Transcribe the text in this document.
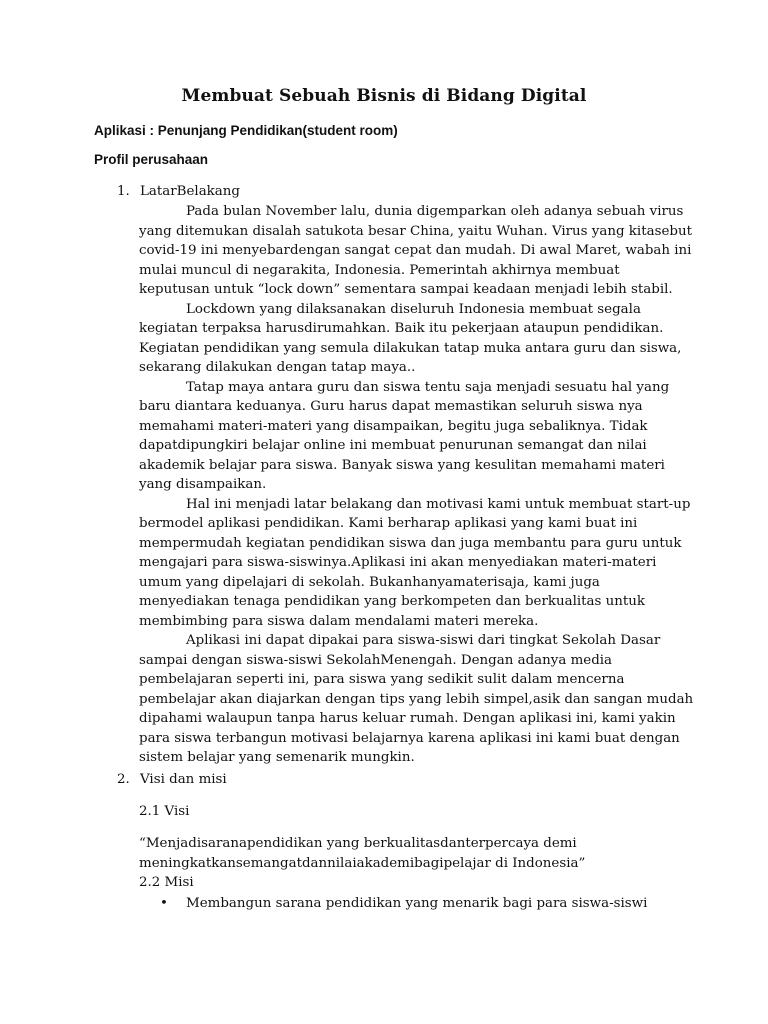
Membuat Sebuah Bisnis di Bidang Digital
Aplikasi : Penunjang Pendidikan(student room)
Profil perusahaan
1. LatarBelakang
Pada bulan November lalu, dunia digemparkan oleh adanya sebuah virus
yang ditemukan disalah satukota besar China, yaitu Wuhan. Virus yang kitasebut
covid-19 ini menyebardengan sangat cepat dan mudah. Di awal Maret, wabah ini
mulai muncul di negarakita, Indonesia. Pemerintah akhirnya membuat
keputusan untuk “lock down” sementara sampai keadaan menjadi lebih stabil.
Lockdown yang dilaksanakan diseluruh Indonesia membuat segala
kegiatan terpaksa harusdirumahkan. Baik itu pekerjaan ataupun pendidikan.
Kegiatan pendidikan yang semula dilakukan tatap muka antara guru dan siswa,
sekarang dilakukan dengan tatap maya..
Tatap maya antara guru dan siswa tentu saja menjadi sesuatu hal yang
baru diantara keduanya. Guru harus dapat memastikan seluruh siswa nya
memahami materi-materi yang disampaikan, begitu juga sebaliknya. Tidak
dapatdipungkiri belajar online ini membuat penurunan semangat dan nilai
akademik belajar para siswa. Banyak siswa yang kesulitan memahami materi
yang disampaikan.
Hal ini menjadi latar belakang dan motivasi kami untuk membuat start-up
bermodel aplikasi pendidikan. Kami berharap aplikasi yang kami buat ini
mempermudah kegiatan pendidikan siswa dan juga membantu para guru untuk
mengajari para siswa-siswinya.Aplikasi ini akan menyediakan materi-materi
umum yang dipelajari di sekolah. Bukanhanyamaterisaja, kami juga
menyediakan tenaga pendidikan yang berkompeten dan berkualitas untuk
membimbing para siswa dalam mendalami materi mereka.
Aplikasi ini dapat dipakai para siswa-siswi dari tingkat Sekolah Dasar
sampai dengan siswa-siswi SekolahMenengah. Dengan adanya media
pembelajaran seperti ini, para siswa yang sedikit sulit dalam mencerna
pembelajar akan diajarkan dengan tips yang lebih simpel,asik dan sangan mudah
dipahami walaupun tanpa harus keluar rumah. Dengan aplikasi ini, kami yakin
para siswa terbangun motivasi belajarnya karena aplikasi ini kami buat dengan
sistem belajar yang semenarik mungkin.
2. Visi dan misi
2.1 Visi
“Menjadisaranapendidikan yang berkualitasdanterpercaya demi
meningkatkansemangatdannilaiakademibagipelajar di Indonesia”
2.2 Misi
• Membangun sarana pendidikan yang menarik bagi para siswa-siswi
